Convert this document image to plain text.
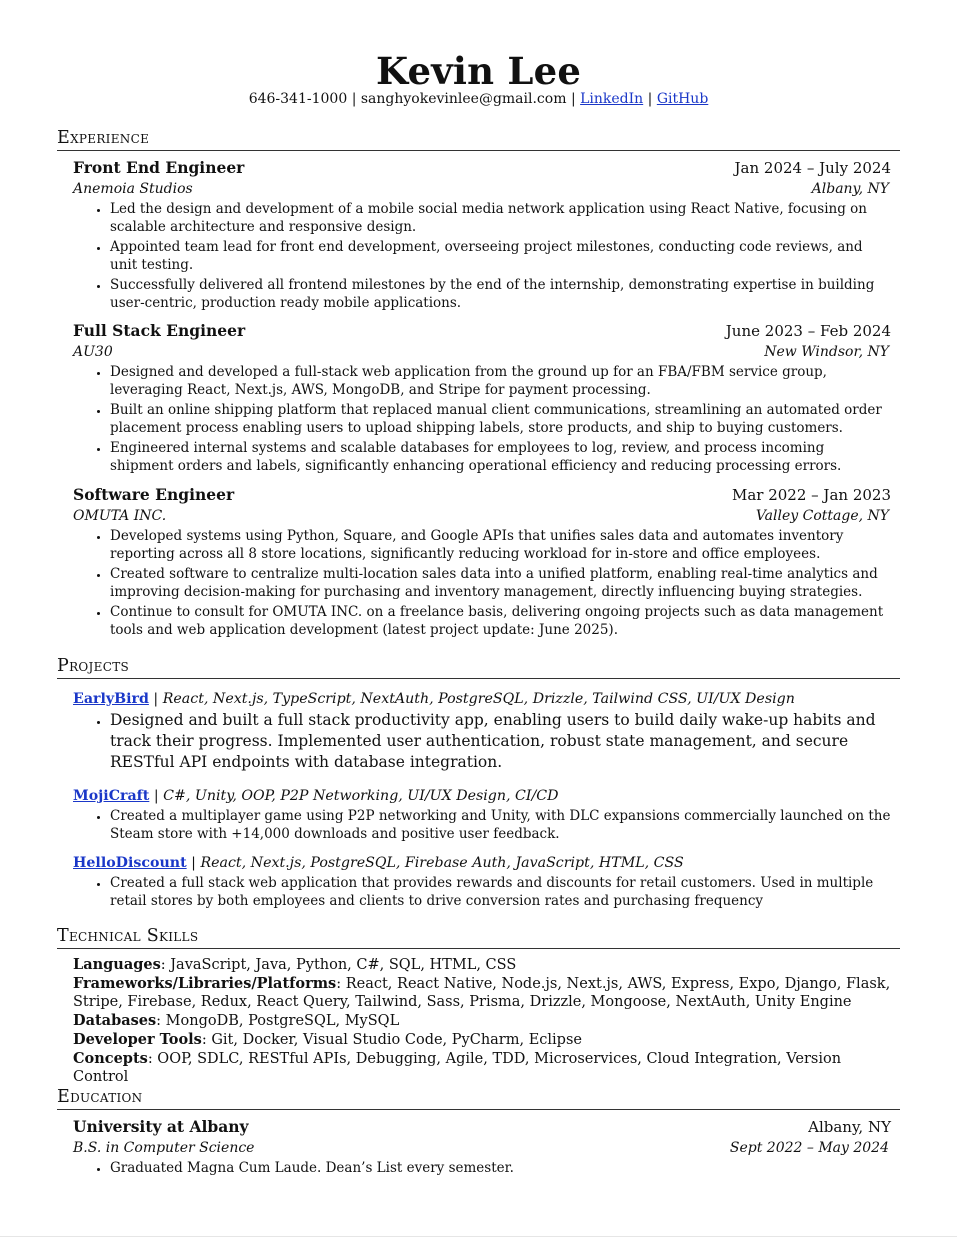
Kevin Lee
646-341-1000 | sanghyokevinlee@gmail.com | LinkedIn | GitHub
Experience
Front End Engineer	Jan 2024 – July 2024
Anemoia Studios	Albany, NY
• Led the design and development of a mobile social media network application using React Native, focusing on scalable architecture and responsive design.
• Appointed team lead for front end development, overseeing project milestones, conducting code reviews, and unit testing.
• Successfully delivered all frontend milestones by the end of the internship, demonstrating expertise in building user-centric, production ready mobile applications.
Full Stack Engineer	June 2023 – Feb 2024
AU30	New Windsor, NY
• Designed and developed a full-stack web application from the ground up for an FBA/FBM service group, leveraging React, Next.js, AWS, MongoDB, and Stripe for payment processing.
• Built an online shipping platform that replaced manual client communications, streamlining an automated order placement process enabling users to upload shipping labels, store products, and ship to buying customers.
• Engineered internal systems and scalable databases for employees to log, review, and process incoming shipment orders and labels, significantly enhancing operational efficiency and reducing processing errors.
Software Engineer	Mar 2022 – Jan 2023
OMUTA INC.	Valley Cottage, NY
• Developed systems using Python, Square, and Google APIs that unifies sales data and automates inventory reporting across all 8 store locations, significantly reducing workload for in-store and office employees.
• Created software to centralize multi-location sales data into a unified platform, enabling real-time analytics and improving decision-making for purchasing and inventory management, directly influencing buying strategies.
• Continue to consult for OMUTA INC. on a freelance basis, delivering ongoing projects such as data management tools and web application development (latest project update: June 2025).
Projects
EarlyBird | React, Next.js, TypeScript, NextAuth, PostgreSQL, Drizzle, Tailwind CSS, UI/UX Design
• Designed and built a full stack productivity app, enabling users to build daily wake-up habits and track their progress. Implemented user authentication, robust state management, and secure RESTful API endpoints with database integration.
MojiCraft | C#, Unity, OOP, P2P Networking, UI/UX Design, CI/CD
• Created a multiplayer game using P2P networking and Unity, with DLC expansions commercially launched on the Steam store with +14,000 downloads and positive user feedback.
HelloDiscount | React, Next.js, PostgreSQL, Firebase Auth, JavaScript, HTML, CSS
• Created a full stack web application that provides rewards and discounts for retail customers. Used in multiple retail stores by both employees and clients to drive conversion rates and purchasing frequency
Technical Skills
Languages: JavaScript, Java, Python, C#, SQL, HTML, CSS
Frameworks/Libraries/Platforms: React, React Native, Node.js, Next.js, AWS, Express, Expo, Django, Flask, Stripe, Firebase, Redux, React Query, Tailwind, Sass, Prisma, Drizzle, Mongoose, NextAuth, Unity Engine
Databases: MongoDB, PostgreSQL, MySQL
Developer Tools: Git, Docker, Visual Studio Code, PyCharm, Eclipse
Concepts: OOP, SDLC, RESTful APIs, Debugging, Agile, TDD, Microservices, Cloud Integration, Version Control
Education
University at Albany	Albany, NY
B.S. in Computer Science	Sept 2022 – May 2024
• Graduated Magna Cum Laude. Dean’s List every semester.
